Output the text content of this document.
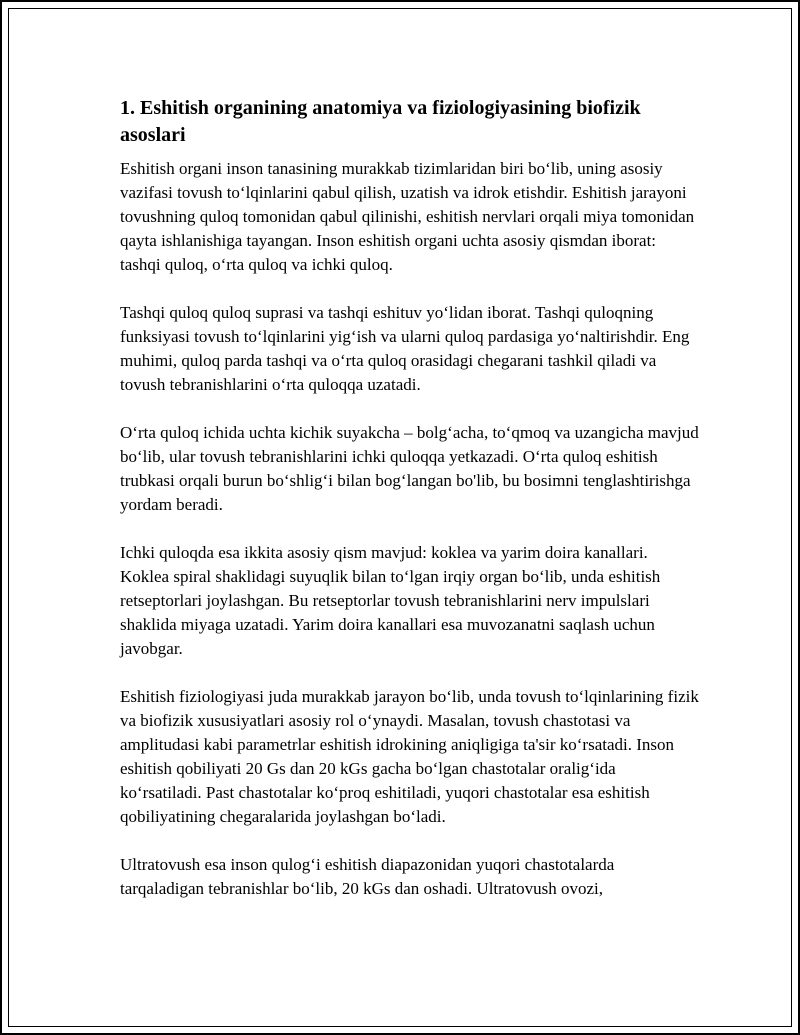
1. Eshitish organining anatomiya va fiziologiyasining biofizik asoslari

Eshitish organi inson tanasining murakkab tizimlaridan biri bo‘lib, uning asosiy vazifasi tovush to‘lqinlarini qabul qilish, uzatish va idrok etishdir. Eshitish jarayoni tovushning quloq tomonidan qabul qilinishi, eshitish nervlari orqali miya tomonidan qayta ishlanishiga tayangan. Inson eshitish organi uchta asosiy qismdan iborat: tashqi quloq, o‘rta quloq va ichki quloq.

Tashqi quloq quloq suprasi va tashqi eshituv yo‘lidan iborat. Tashqi quloqning funksiyasi tovush to‘lqinlarini yig‘ish va ularni quloq pardasiga yo‘naltirishdir. Eng muhimi, quloq parda tashqi va o‘rta quloq orasidagi chegarani tashkil qiladi va tovush tebranishlarini o‘rta quloqqa uzatadi.

O‘rta quloq ichida uchta kichik suyakcha – bolg‘acha, to‘qmoq va uzangicha mavjud bo‘lib, ular tovush tebranishlarini ichki quloqqa yetkazadi. O‘rta quloq eshitish trubkasi orqali burun bo‘shlig‘i bilan bog‘langan bo'lib, bu bosimni tenglashtirishga yordam beradi.

Ichki quloqda esa ikkita asosiy qism mavjud: koklea va yarim doira kanallari. Koklea spiral shaklidagi suyuqlik bilan to‘lgan irqiy organ bo‘lib, unda eshitish retseptorlari joylashgan. Bu retseptorlar tovush tebranishlarini nerv impulslari shaklida miyaga uzatadi. Yarim doira kanallari esa muvozanatni saqlash uchun javobgar.

Eshitish fiziologiyasi juda murakkab jarayon bo‘lib, unda tovush to‘lqinlarining fizik va biofizik xususiyatlari asosiy rol o‘ynaydi. Masalan, tovush chastotasi va amplitudasi kabi parametrlar eshitish idrokining aniqligiga ta'sir ko‘rsatadi. Inson eshitish qobiliyati 20 Gs dan 20 kGs gacha bo‘lgan chastotalar oralig‘ida ko‘rsatiladi. Past chastotalar ko‘proq eshitiladi, yuqori chastotalar esa eshitish qobiliyatining chegaralarida joylashgan bo‘ladi.

Ultratovush esa inson qulog‘i eshitish diapazonidan yuqori chastotalarda tarqaladigan tebranishlar bo‘lib, 20 kGs dan oshadi. Ultratovush ovozi,
